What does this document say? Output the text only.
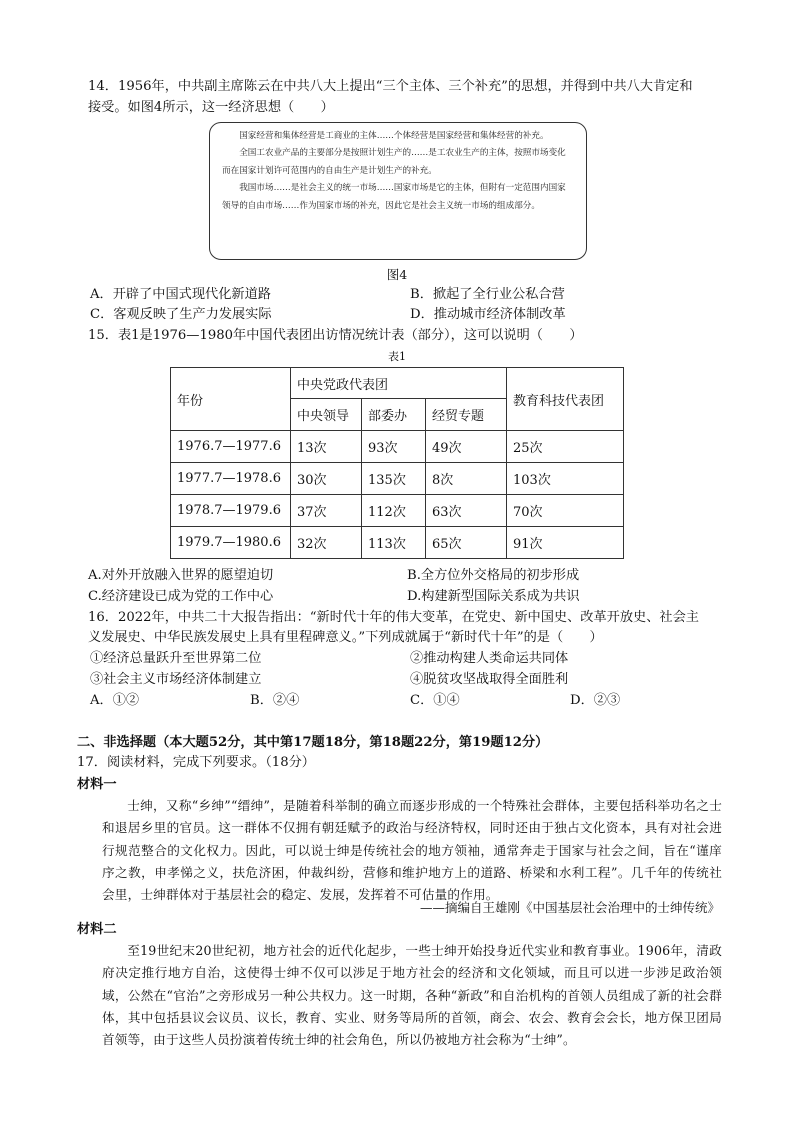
14．1956年，中共副主席陈云在中共八大上提出“三个主体、三个补充”的思想，并得到中共八大肯定和
接受。如图4所示，这一经济思想（　　）

国家经营和集体经营是工商业的主体……个体经营是国家经营和集体经营的补充。

全国工农业产品的主要部分是按照计划生产的……是工农业生产的主体，按照市场变化而在国家计划许可范围内的自由生产是计划生产的补充。

我国市场……是社会主义的统一市场……国家市场是它的主体，但附有一定范围内国家领导的自由市场……作为国家市场的补充，因此它是社会主义统一市场的组成部分。

图4
A．开辟了中国式现代化新道路	B．掀起了全行业公私合营
C．客观反映了生产力发展实际	D．推动城市经济体制改革
15．表1是1976—1980年中国代表团出访情况统计表（部分），这可以说明（　　）
表1
年份	中央党政代表团			教育科技代表团
	中央领导	部委办	经贸专题	
1976.7—1977.6	13次	93次	49次	25次
1977.7—1978.6	30次	135次	8次	103次
1978.7—1979.6	37次	112次	63次	70次
1979.7—1980.6	32次	113次	65次	91次
A.对外开放融入世界的愿望迫切	B.全方位外交格局的初步形成
C.经济建设已成为党的工作中心	D.构建新型国际关系成为共识
16．2022年，中共二十大报告指出：“新时代十年的伟大变革，在党史、新中国史、改革开放史、社会主
义发展史、中华民族发展史上具有里程碑意义。”下列成就属于“新时代十年”的是（　　）
①经济总量跃升至世界第二位	②推动构建人类命运共同体
③社会主义市场经济体制建立	④脱贫攻坚战取得全面胜利
A．①②	B．②④	C．①④	D．②③
二、非选择题（本大题52分，其中第17题18分，第18题22分，第19题12分）
17．阅读材料，完成下列要求。（18分）
材料一

士绅，又称“乡绅”“缙绅”，是随着科举制的确立而逐步形成的一个特殊社会群体，主要包括科举功名之士和退居乡里的官员。这一群体不仅拥有朝廷赋予的政治与经济特权，同时还由于独占文化资本，具有对社会进行规范整合的文化权力。因此，可以说士绅是传统社会的地方领袖，通常奔走于国家与社会之间，旨在“谨庠序之教，申孝悌之义，扶危济困，仲裁纠纷，营修和维护地方上的道路、桥梁和水利工程”。几千年的传统社会里，士绅群体对于基层社会的稳定、发展，发挥着不可估量的作用。

——摘编自王雄刚《中国基层社会治理中的士绅传统》
材料二

至19世纪末20世纪初，地方社会的近代化起步，一些士绅开始投身近代实业和教育事业。1906年，清政府决定推行地方自治，这使得士绅不仅可以涉足于地方社会的经济和文化领域，而且可以进一步涉足政治领域，公然在“官治”之旁形成另一种公共权力。这一时期，各种“新政”和自治机构的首领人员组成了新的社会群体，其中包括县议会议员、议长，教育、实业、财务等局所的首领，商会、农会、教育会会长，地方保卫团局首领等，由于这些人员扮演着传统士绅的社会角色，所以仍被地方社会称为“士绅”。
